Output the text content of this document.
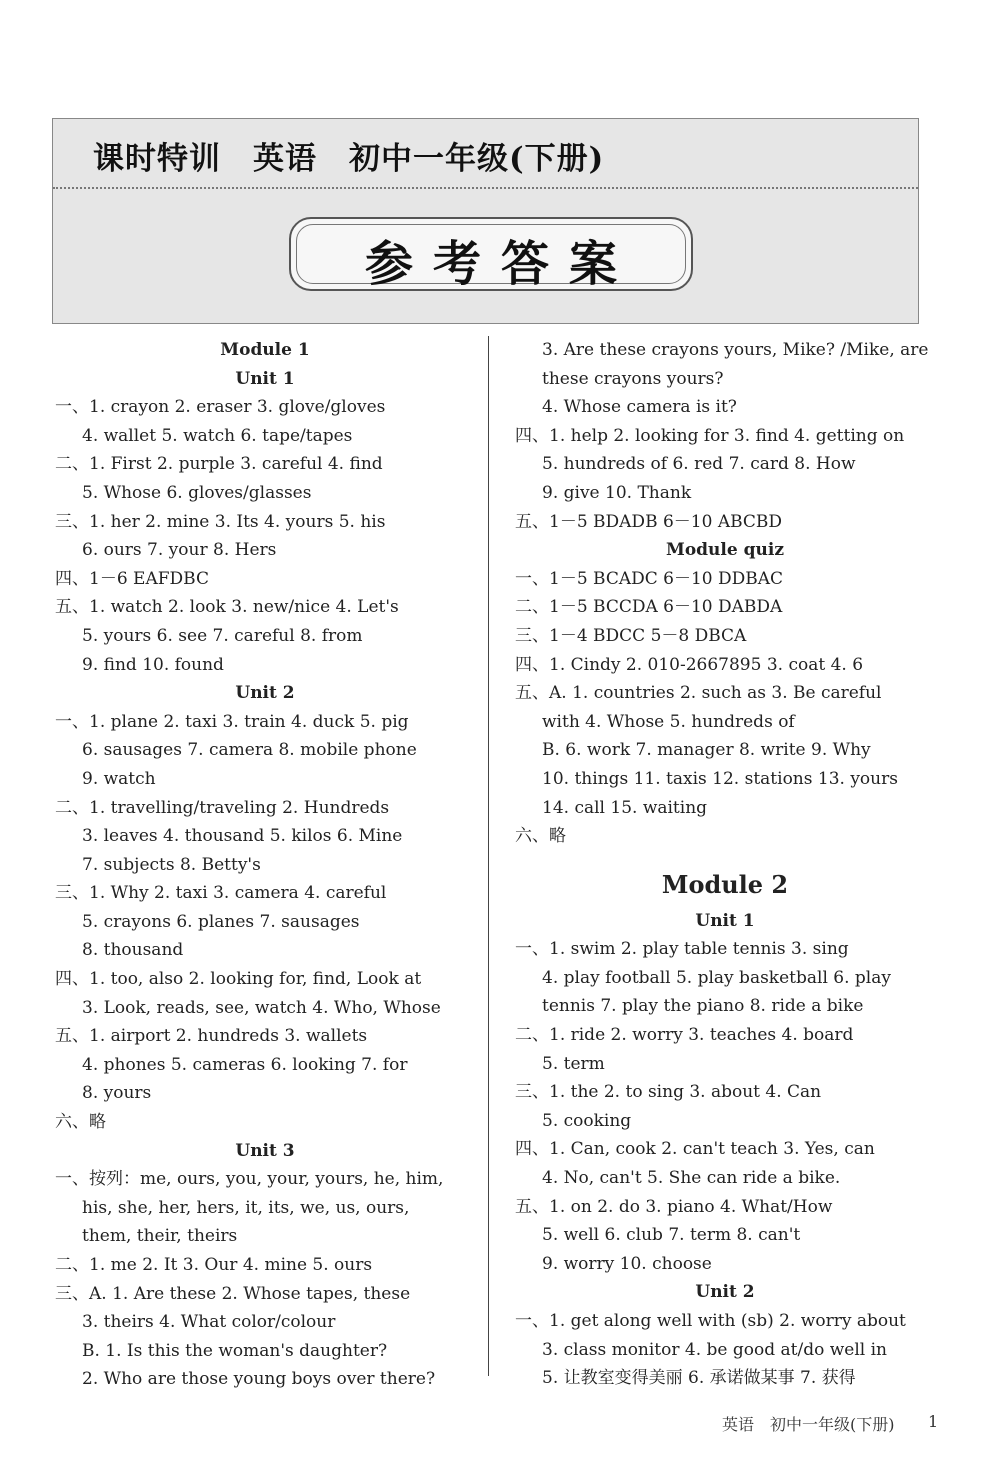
课时特训　英语　初中一年级(下册)
参考答案
Module 1
Unit 1
一、1. crayon 2. eraser 3. glove/gloves
4. wallet 5. watch 6. tape/tapes
二、1. First 2. purple 3. careful 4. find
5. Whose 6. gloves/glasses
三、1. her 2. mine 3. Its 4. yours 5. his
6. ours 7. your 8. Hers
四、1－6 EAFDBC
五、1. watch 2. look 3. new/nice 4. Let's
5. yours 6. see 7. careful 8. from
9. find 10. found
Unit 2
一、1. plane 2. taxi 3. train 4. duck 5. pig
6. sausages 7. camera 8. mobile phone
9. watch
二、1. travelling/traveling 2. Hundreds
3. leaves 4. thousand 5. kilos 6. Mine
7. subjects 8. Betty's
三、1. Why 2. taxi 3. camera 4. careful
5. crayons 6. planes 7. sausages
8. thousand
四、1. too, also 2. looking for, find, Look at
3. Look, reads, see, watch 4. Who, Whose
五、1. airport 2. hundreds 3. wallets
4. phones 5. cameras 6. looking 7. for
8. yours
六、略
Unit 3
一、按列：me, ours, you, your, yours, he, him,
his, she, her, hers, it, its, we, us, ours,
them, their, theirs
二、1. me 2. It 3. Our 4. mine 5. ours
三、A. 1. Are these 2. Whose tapes, these
3. theirs 4. What color/colour
B. 1. Is this the woman's daughter?
2. Who are those young boys over there?
3. Are these crayons yours, Mike? /Mike, are
these crayons yours?
4. Whose camera is it?
四、1. help 2. looking for 3. find 4. getting on
5. hundreds of 6. red 7. card 8. How
9. give 10. Thank
五、1－5 BDADB 6－10 ABCBD
Module quiz
一、1－5 BCADC 6－10 DDBAC
二、1－5 BCCDA 6－10 DABDA
三、1－4 BDCC 5－8 DBCA
四、1. Cindy 2. 010-2667895 3. coat 4. 6
五、A. 1. countries 2. such as 3. Be careful
with 4. Whose 5. hundreds of
B. 6. work 7. manager 8. write 9. Why
10. things 11. taxis 12. stations 13. yours
14. call 15. waiting
六、略
Module 2
Unit 1
一、1. swim 2. play table tennis 3. sing
4. play football 5. play basketball 6. play
tennis 7. play the piano 8. ride a bike
二、1. ride 2. worry 3. teaches 4. board
5. term
三、1. the 2. to sing 3. about 4. Can
5. cooking
四、1. Can, cook 2. can't teach 3. Yes, can
4. No, can't 5. She can ride a bike.
五、1. on 2. do 3. piano 4. What/How
5. well 6. club 7. term 8. can't
9. worry 10. choose
Unit 2
一、1. get along well with (sb) 2. worry about
3. class monitor 4. be good at/do well in
5. 让教室变得美丽 6. 承诺做某事 7. 获得
英语　初中一年级(下册) 1
